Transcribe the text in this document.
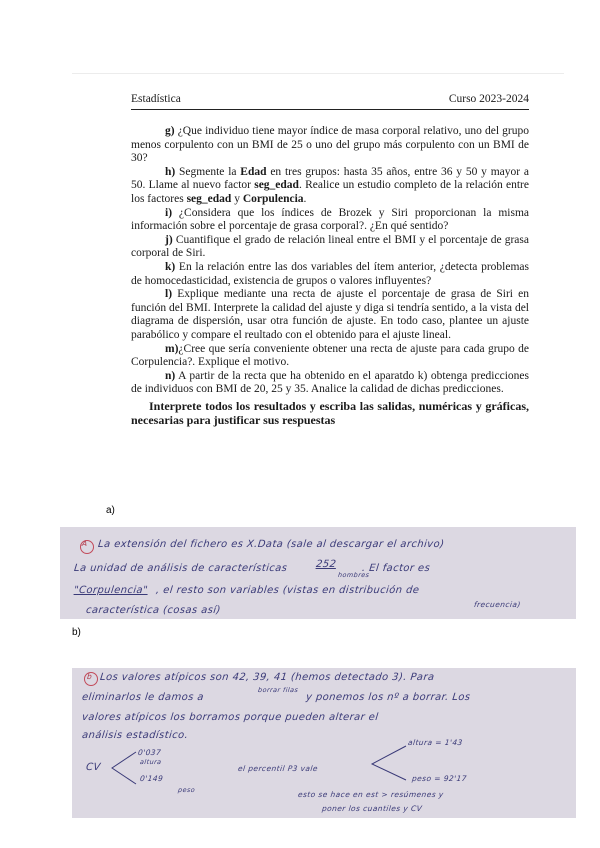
Estadística	Curso 2023-2024

g) ¿Que individuo tiene mayor índice de masa corporal relativo, uno del grupo menos corpulento con un BMI de 25 o uno del grupo más corpulento con un BMI de 30?

h) Segmente la Edad en tres grupos: hasta 35 años, entre 36 y 50 y mayor a 50. Llame al nuevo factor seg_edad. Realice un estudio completo de la relación entre los factores seg_edad y Corpulencia.

i) ¿Considera que los índices de Brozek y Siri proporcionan la misma información sobre el porcentaje de grasa corporal?. ¿En qué sentido?

j) Cuantifique el grado de relación lineal entre el BMI y el porcentaje de grasa corporal de Siri.

k) En la relación entre las dos variables del ítem anterior, ¿detecta problemas de homocedasticidad, existencia de grupos o valores influyentes?

l) Explique mediante una recta de ajuste el porcentaje de grasa de Siri en función del BMI. Interprete la calidad del ajuste y diga si tendría sentido, a la vista del diagrama de dispersión, usar otra función de ajuste. En todo caso, plantee un ajuste parabólico y compare el reultado con el obtenido para el ajuste lineal.

m)¿Cree que sería conveniente obtener una recta de ajuste para cada grupo de Corpulencia?. Explique el motivo.

n) A partir de la recta que ha obtenido en el aparatdo k) obtenga predicciones de individuos con BMI de 20, 25 y 35. Analice la calidad de dichas predicciones.

Interprete todos los resultados y escriba las salidas, numéricas y gráficas, necesarias para justificar sus respuestas

a)
A La extensión del fichero es X.Data (sale al descargar el archivo)
La unidad de análisis de características	252
hombres
. El factor es
"Corpulencia" , el resto son variables (vistas en distribución de
frecuencia)
característica (cosas así)
b)
b Los valores atípicos son 42, 39, 41 (hemos detectado 3). Para
eliminarlos le damos a
borrar filas
y ponemos los nº a borrar. Los
valores atípicos los borramos porque pueden alterar el
análisis estadístico.
CV
0'037
altura
0'149
peso
el percentil P3 vale
altura = 1'43
peso = 92'17
esto se hace en est > resúmenes y
poner los cuantiles y CV
